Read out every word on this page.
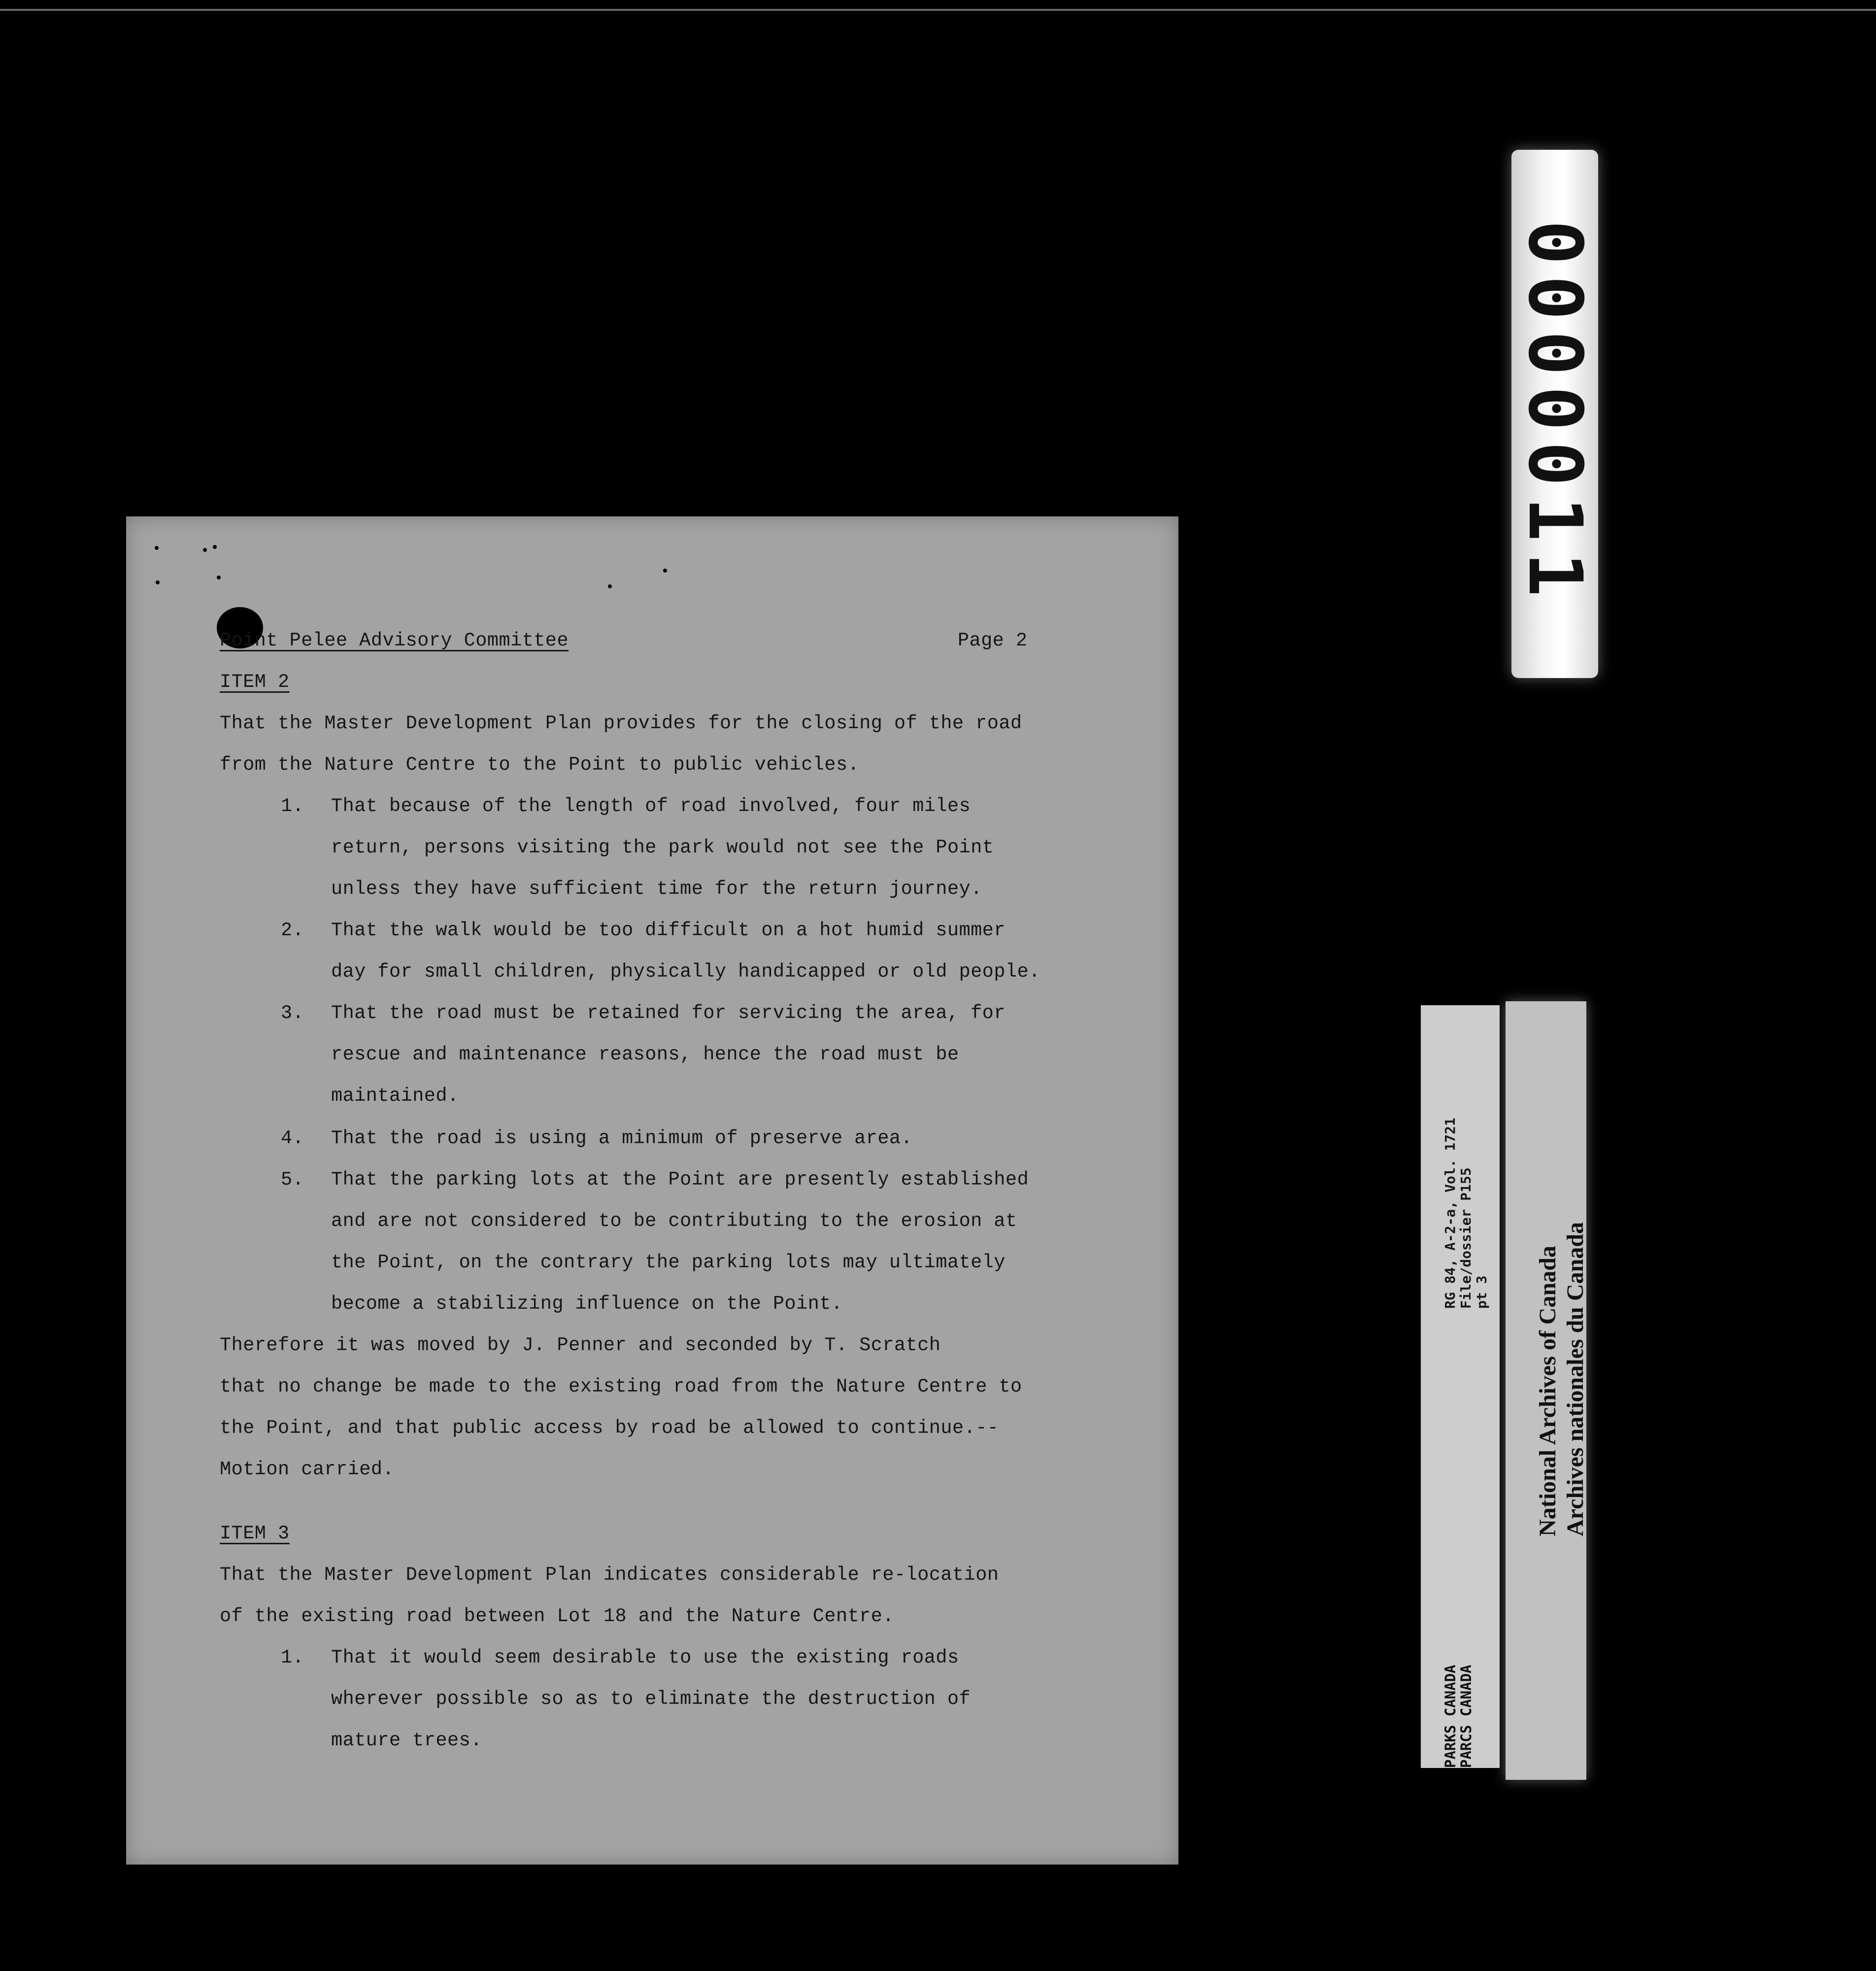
0000011
Point Pelee Advisory Committee	Page 2
ITEM 2
That the Master Development Plan provides for the closing of the road
from the Nature Centre to the Point to public vehicles.
1. That because of the length of road involved, four miles
return, persons visiting the park would not see the Point
unless they have sufficient time for the return journey.
2. That the walk would be too difficult on a hot humid summer
day for small children, physically handicapped or old people.
3. That the road must be retained for servicing the area, for
rescue and maintenance reasons, hence the road must be
maintained.
4. That the road is using a minimum of preserve area.
5. That the parking lots at the Point are presently established
and are not considered to be contributing to the erosion at
the Point, on the contrary the parking lots may ultimately
become a stabilizing influence on the Point.
Therefore it was moved by J. Penner and seconded by T. Scratch
that no change be made to the existing road from the Nature Centre to
the Point, and that public access by road be allowed to continue.--
Motion carried.
ITEM 3
That the Master Development Plan indicates considerable re-location
of the existing road between Lot 18 and the Nature Centre.
1. That it would seem desirable to use the existing roads
wherever possible so as to eliminate the destruction of
mature trees.	PARKS CANADA
PARCS CANADA
RG 84, A-2-a, Vol. 1721
File/dossier P155
pt 3 National Archives of Canada
Archives nationales du Canada
